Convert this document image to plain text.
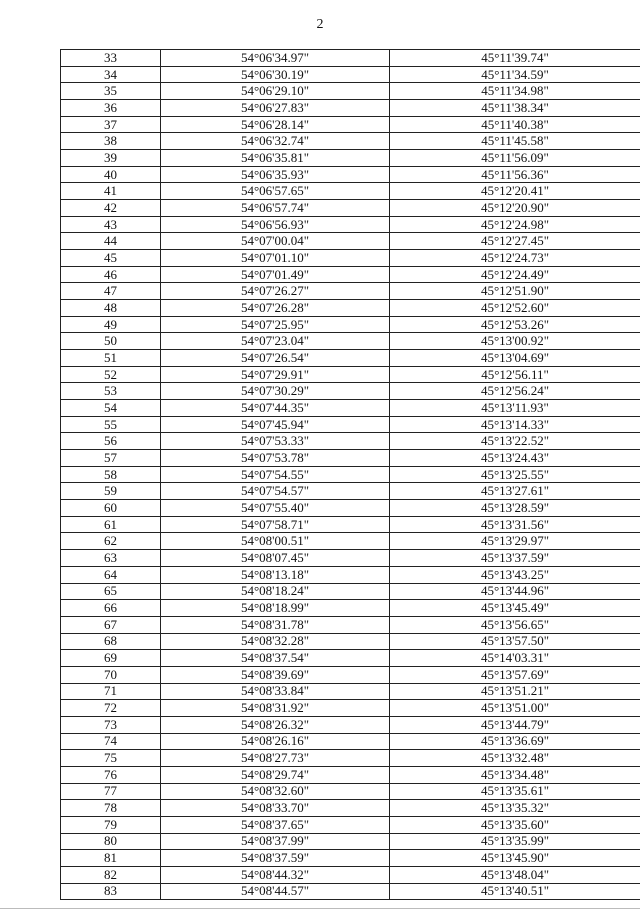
2
33	54°06'34.97"	45°11'39.74"
34	54°06'30.19"	45°11'34.59"
35	54°06'29.10"	45°11'34.98"
36	54°06'27.83"	45°11'38.34"
37	54°06'28.14"	45°11'40.38"
38	54°06'32.74"	45°11'45.58"
39	54°06'35.81"	45°11'56.09"
40	54°06'35.93"	45°11'56.36"
41	54°06'57.65"	45°12'20.41"
42	54°06'57.74"	45°12'20.90"
43	54°06'56.93"	45°12'24.98"
44	54°07'00.04"	45°12'27.45"
45	54°07'01.10"	45°12'24.73"
46	54°07'01.49"	45°12'24.49"
47	54°07'26.27"	45°12'51.90"
48	54°07'26.28"	45°12'52.60"
49	54°07'25.95"	45°12'53.26"
50	54°07'23.04"	45°13'00.92"
51	54°07'26.54"	45°13'04.69"
52	54°07'29.91"	45°12'56.11"
53	54°07'30.29"	45°12'56.24"
54	54°07'44.35"	45°13'11.93"
55	54°07'45.94"	45°13'14.33"
56	54°07'53.33"	45°13'22.52"
57	54°07'53.78"	45°13'24.43"
58	54°07'54.55"	45°13'25.55"
59	54°07'54.57"	45°13'27.61"
60	54°07'55.40"	45°13'28.59"
61	54°07'58.71"	45°13'31.56"
62	54°08'00.51"	45°13'29.97"
63	54°08'07.45"	45°13'37.59"
64	54°08'13.18"	45°13'43.25"
65	54°08'18.24"	45°13'44.96"
66	54°08'18.99"	45°13'45.49"
67	54°08'31.78"	45°13'56.65"
68	54°08'32.28"	45°13'57.50"
69	54°08'37.54"	45°14'03.31"
70	54°08'39.69"	45°13'57.69"
71	54°08'33.84"	45°13'51.21"
72	54°08'31.92"	45°13'51.00"
73	54°08'26.32"	45°13'44.79"
74	54°08'26.16"	45°13'36.69"
75	54°08'27.73"	45°13'32.48"
76	54°08'29.74"	45°13'34.48"
77	54°08'32.60"	45°13'35.61"
78	54°08'33.70"	45°13'35.32"
79	54°08'37.65"	45°13'35.60"
80	54°08'37.99"	45°13'35.99"
81	54°08'37.59"	45°13'45.90"
82	54°08'44.32"	45°13'48.04"
83	54°08'44.57"	45°13'40.51"
